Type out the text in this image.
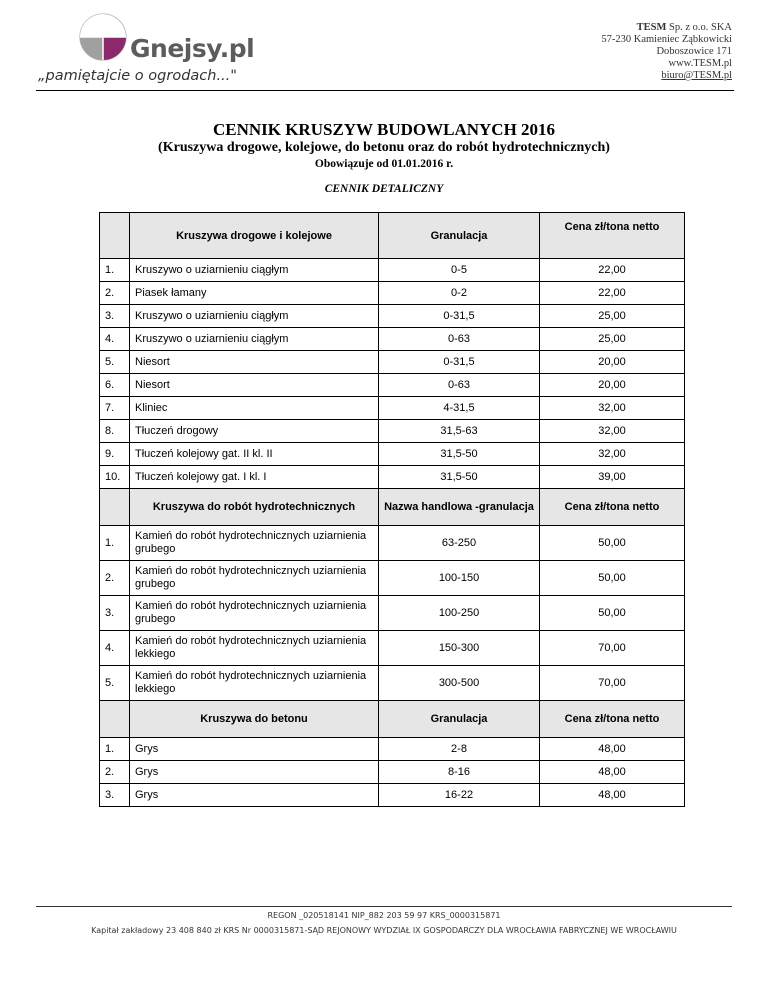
Gnejsy.pl
„pamiętajcie o ogrodach..."
TESM Sp. z o.o. SKA
57-230 Kamieniec Ząbkowicki
Doboszowice 171
www.TESM.pl
biuro@TESM.pl
CENNIK KRUSZYW BUDOWLANYCH 2016
(Kruszywa drogowe, kolejowe, do betonu oraz do robót hydrotechnicznych)
Obowiązuje od 01.01.2016 r.
CENNIK DETALICZNY
	Kruszywa drogowe i kolejowe	Granulacja	Cena zł/tona netto
1.	Kruszywo o uziarnieniu ciągłym	0-5	22,00
2.	Piasek łamany	0-2	22,00
3.	Kruszywo o uziarnieniu ciągłym	0-31,5	25,00
4.	Kruszywo o uziarnieniu ciągłym	0-63	25,00
5.	Niesort	0-31,5	20,00
6.	Niesort	0-63	20,00
7.	Kliniec	4-31,5	32,00
8.	Tłuczeń drogowy	31,5-63	32,00
9.	Tłuczeń kolejowy gat. II kl. II	31,5-50	32,00
10.	Tłuczeń kolejowy gat. I kl. I	31,5-50	39,00
	Kruszywa do robót hydrotechnicznych	Nazwa handlowa -granulacja	Cena zł/tona netto
1.	Kamień do robót hydrotechnicznych uziarnienia grubego	63-250	50,00
2.	Kamień do robót hydrotechnicznych uziarnienia grubego	100-150	50,00
3.	Kamień do robót hydrotechnicznych uziarnienia grubego	100-250	50,00
4.	Kamień do robót hydrotechnicznych uziarnienia lekkiego	150-300	70,00
5.	Kamień do robót hydrotechnicznych uziarnienia lekkiego	300-500	70,00
	Kruszywa do betonu	Granulacja	Cena zł/tona netto
1.	Grys	2-8	48,00
2.	Grys	8-16	48,00
3.	Grys	16-22	48,00
REGON _020518141 NIP_882 203 59 97 KRS_0000315871
Kapitał zakładowy 23 408 840 zł KRS Nr 0000315871-SĄD REJONOWY WYDZIAŁ IX GOSPODARCZY DLA WROCŁAWIA FABRYCZNEJ WE WROCŁAWIU
